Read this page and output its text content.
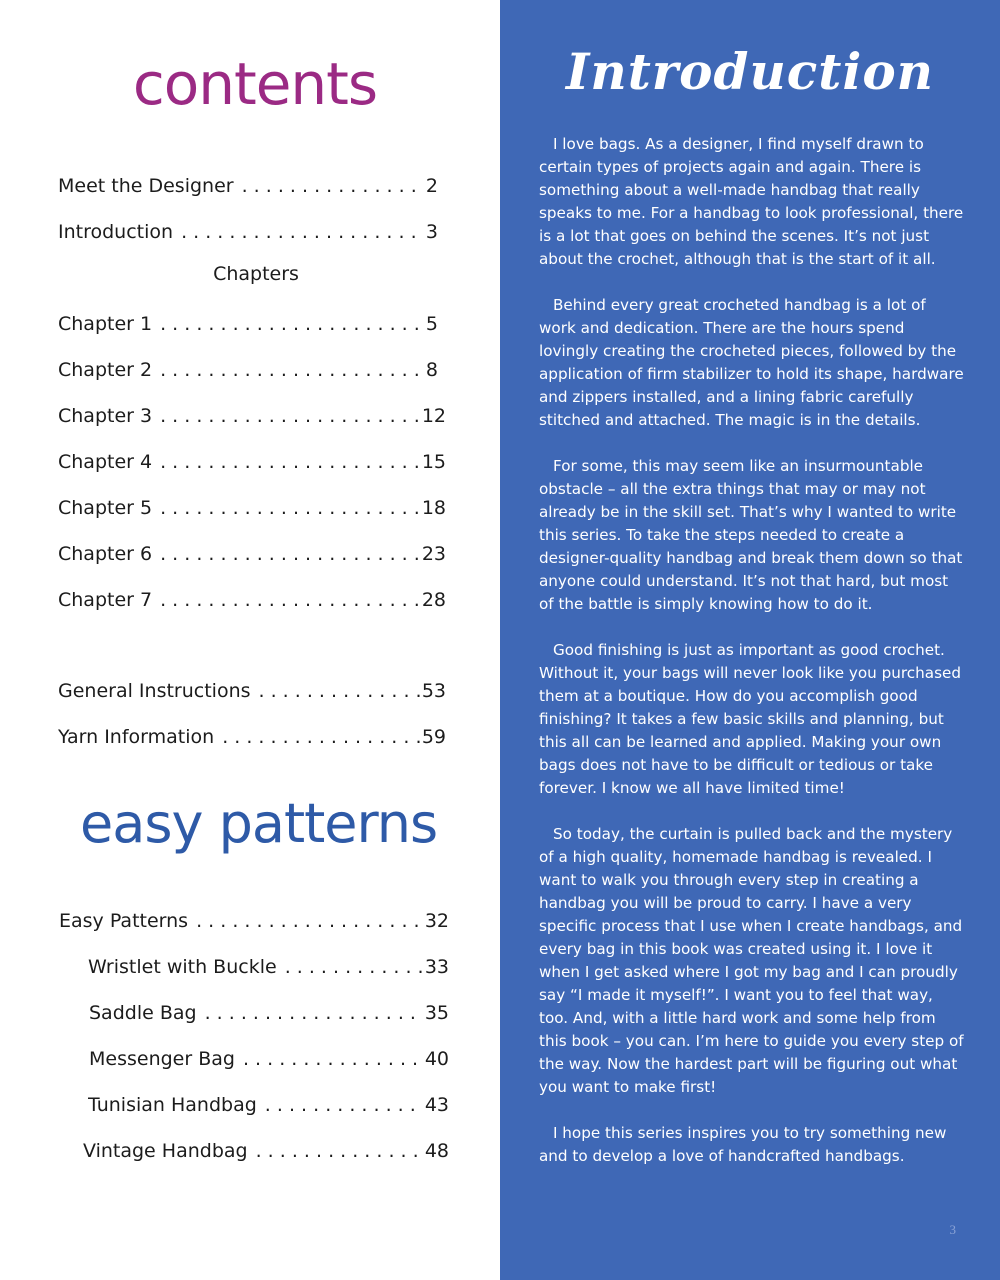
contents
Meet the Designer . . .	2
Introduction . . .	3
Chapters
Chapter 1 . . .	5
Chapter 2 . . .	8
Chapter 3 . . .	12
Chapter 4 . . .	15
Chapter 5 . . .	18
Chapter 6 . . .	23
Chapter 7 . . .	28
General Instructions . . .	53
Yarn Information . . .	59
easy patterns
Easy Patterns . . .	32
Wristlet with Buckle . . .	33
Saddle Bag . . .	35
Messenger Bag . . .	40
Tunisian Handbag . . .	43
Vintage Handbag . . .	48
Introduction

I love bags. As a designer, I find myself drawn to certain types of projects again and again. There is something about a well-made handbag that really speaks to me. For a handbag to look professional, there is a lot that goes on behind the scenes. It’s not just about the crochet, although that is the start of it all.

Behind every great crocheted handbag is a lot of work and dedication. There are the hours spend lovingly creating the crocheted pieces, followed by the application of firm stabilizer to hold its shape, hardware and zippers installed, and a lining fabric carefully stitched and attached. The magic is in the details.

For some, this may seem like an insurmountable obstacle – all the extra things that may or may not already be in the skill set. That’s why I wanted to write this series. To take the steps needed to create a designer-quality handbag and break them down so that anyone could understand. It’s not that hard, but most of the battle is simply knowing how to do it.

Good finishing is just as important as good crochet. Without it, your bags will never look like you purchased them at a boutique. How do you accomplish good finishing? It takes a few basic skills and planning, but this all can be learned and applied. Making your own bags does not have to be difficult or tedious or take forever. I know we all have limited time!

So today, the curtain is pulled back and the mystery of a high quality, homemade handbag is revealed. I want to walk you through every step in creating a handbag you will be proud to carry. I have a very specific process that I use when I create handbags, and every bag in this book was created using it. I love it when I get asked where I got my bag and I can proudly say “I made it myself!”. I want you to feel that way, too. And, with a little hard work and some help from this book – you can. I’m here to guide you every step of the way. Now the hardest part will be figuring out what you want to make first!

I hope this series inspires you to try something new and to develop a love of handcrafted handbags.

3
